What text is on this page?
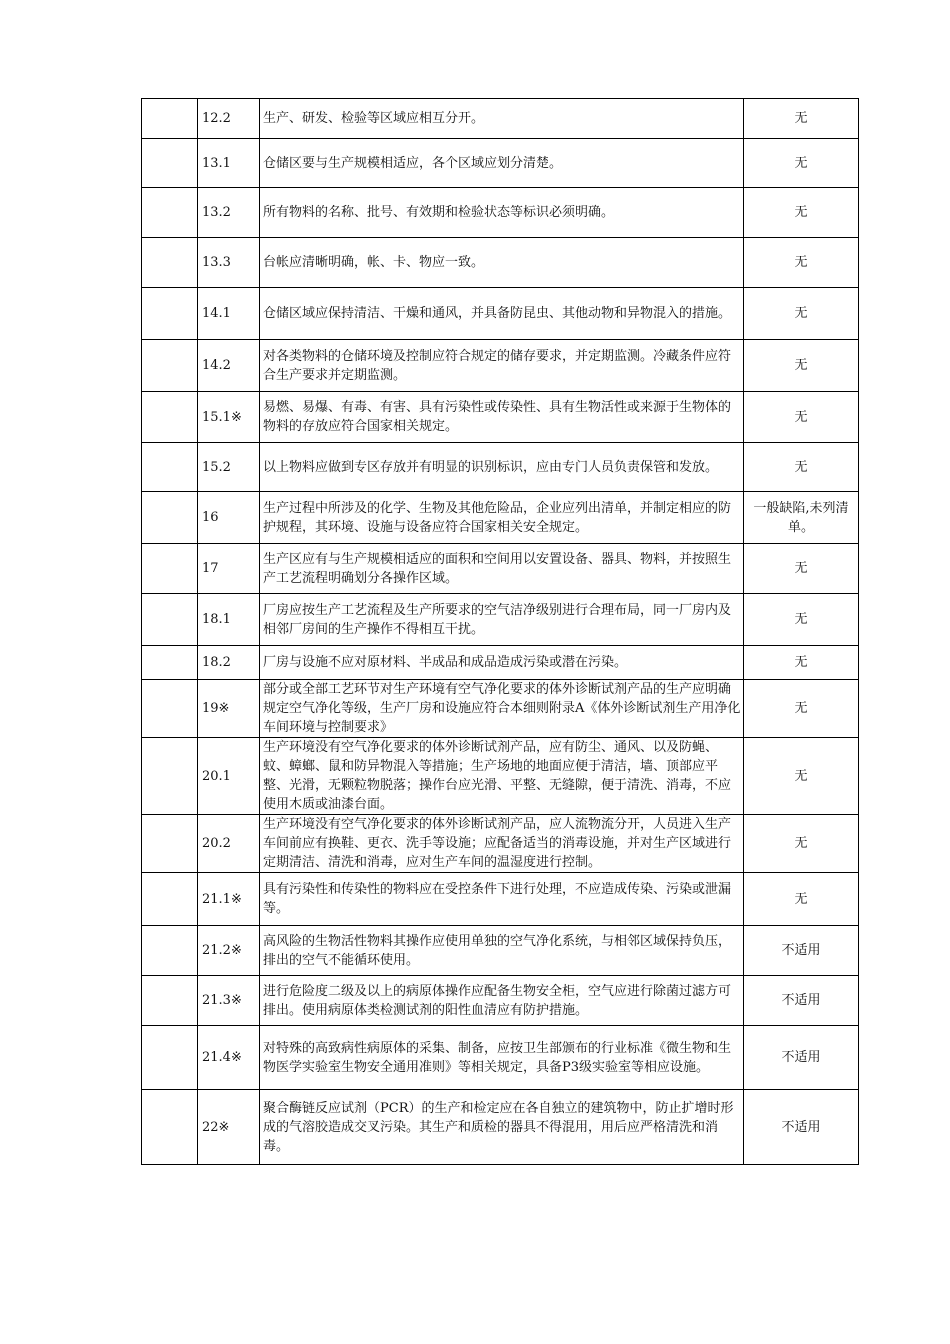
	12.2	生产、研发、检验等区域应相互分开。	无
	13.1	仓储区要与生产规模相适应，各个区域应划分清楚。	无
	13.2	所有物料的名称、批号、有效期和检验状态等标识必须明确。	无
	13.3	台帐应清晰明确，帐、卡、物应一致。	无
	14.1	仓储区域应保持清洁、干燥和通风，并具备防昆虫、其他动物和异物混入的措施。	无
	14.2	对各类物料的仓储环境及控制应符合规定的储存要求，并定期监测。冷藏条件应符合生产要求并定期监测。	无
	15.1※	易燃、易爆、有毒、有害、具有污染性或传染性、具有生物活性或来源于生物体的物料的存放应符合国家相关规定。	无
	15.2	以上物料应做到专区存放并有明显的识别标识，应由专门人员负责保管和发放。	无
	16	生产过程中所涉及的化学、生物及其他危险品，企业应列出清单，并制定相应的防护规程，其环境、设施与设备应符合国家相关安全规定。	一般缺陷,未列清单。
	17	生产区应有与生产规模相适应的面积和空间用以安置设备、器具、物料，并按照生产工艺流程明确划分各操作区域。	无
	18.1	厂房应按生产工艺流程及生产所要求的空气洁净级别进行合理布局，同一厂房内及相邻厂房间的生产操作不得相互干扰。	无
	18.2	厂房与设施不应对原材料、半成品和成品造成污染或潜在污染。	无
	19※	部分或全部工艺环节对生产环境有空气净化要求的体外诊断试剂产品的生产应明确规定空气净化等级，生产厂房和设施应符合本细则附录A《体外诊断试剂生产用净化车间环境与控制要求》	无
	20.1	生产环境没有空气净化要求的体外诊断试剂产品，应有防尘、通风、以及防蝇、蚊、蟑螂、鼠和防异物混入等措施；生产场地的地面应便于清洁，墙、顶部应平整、光滑，无颗粒物脱落；操作台应光滑、平整、无缝隙，便于清洗、消毒，不应使用木质或油漆台面。	无
	20.2	生产环境没有空气净化要求的体外诊断试剂产品，应人流物流分开，人员进入生产车间前应有换鞋、更衣、洗手等设施；应配备适当的消毒设施，并对生产区域进行定期清洁、清洗和消毒，应对生产车间的温湿度进行控制。	无
	21.1※	具有污染性和传染性的物料应在受控条件下进行处理，不应造成传染、污染或泄漏等。	无
	21.2※	高风险的生物活性物料其操作应使用单独的空气净化系统，与相邻区域保持负压，排出的空气不能循环使用。	不适用
	21.3※	进行危险度二级及以上的病原体操作应配备生物安全柜，空气应进行除菌过滤方可排出。使用病原体类检测试剂的阳性血清应有防护措施。	不适用
	21.4※	对特殊的高致病性病原体的采集、制备，应按卫生部颁布的行业标准《微生物和生物医学实验室生物安全通用准则》等相关规定，具备P3级实验室等相应设施。	不适用
	22※	聚合酶链反应试剂（PCR）的生产和检定应在各自独立的建筑物中，防止扩增时形成的气溶胶造成交叉污染。其生产和质检的器具不得混用，用后应严格清洗和消毒。	不适用
